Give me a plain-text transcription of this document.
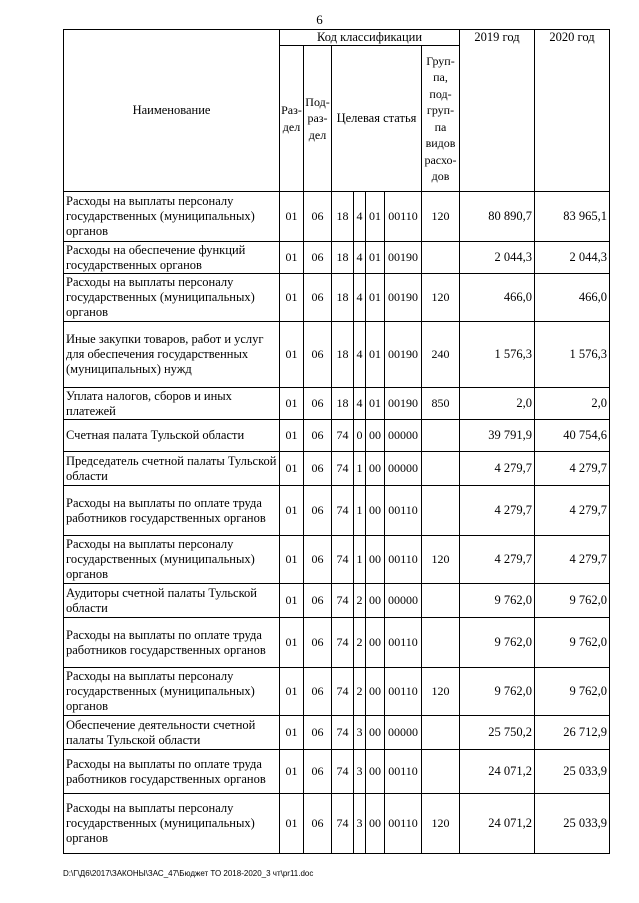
6
Наименование	Код классификации							2019 год	2020 год
	Раз-дел	Под-раз-дел	Целевая статья				Груп-па, под-груп-па видов расхо-дов		
Расходы на выплаты персоналу государственных (муниципальных) органов	01	06	18	4	01	00110	120	80 890,7	83 965,1
Расходы на обеспечение функций государственных органов	01	06	18	4	01	00190		2 044,3	2 044,3
Расходы на выплаты персоналу государственных (муниципальных) органов	01	06	18	4	01	00190	120	466,0	466,0
Иные закупки товаров, работ и услуг для обеспечения государственных (муниципальных) нужд	01	06	18	4	01	00190	240	1 576,3	1 576,3
Уплата налогов, сборов и иных платежей	01	06	18	4	01	00190	850	2,0	2,0
Счетная палата Тульской области	01	06	74	0	00	00000		39 791,9	40 754,6
Председатель счетной палаты Тульской области	01	06	74	1	00	00000		4 279,7	4 279,7
Расходы на выплаты по оплате труда работников государственных органов	01	06	74	1	00	00110		4 279,7	4 279,7
Расходы на выплаты персоналу государственных (муниципальных) органов	01	06	74	1	00	00110	120	4 279,7	4 279,7
Аудиторы счетной палаты Тульской области	01	06	74	2	00	00000		9 762,0	9 762,0
Расходы на выплаты по оплате труда работников государственных органов	01	06	74	2	00	00110		9 762,0	9 762,0
Расходы на выплаты персоналу государственных (муниципальных) органов	01	06	74	2	00	00110	120	9 762,0	9 762,0
Обеспечение деятельности счетной палаты Тульской области	01	06	74	3	00	00000		25 750,2	26 712,9
Расходы на выплаты по оплате труда работников государственных органов	01	06	74	3	00	00110		24 071,2	25 033,9
Расходы на выплаты персоналу государственных (муниципальных) органов	01	06	74	3	00	00110	120	24 071,2	25 033,9
D:\Г\Д6\2017\ЗАКОНЫ\ЗАС_47\Бюджет ТО 2018-2020_3 чт\pr11.doc
